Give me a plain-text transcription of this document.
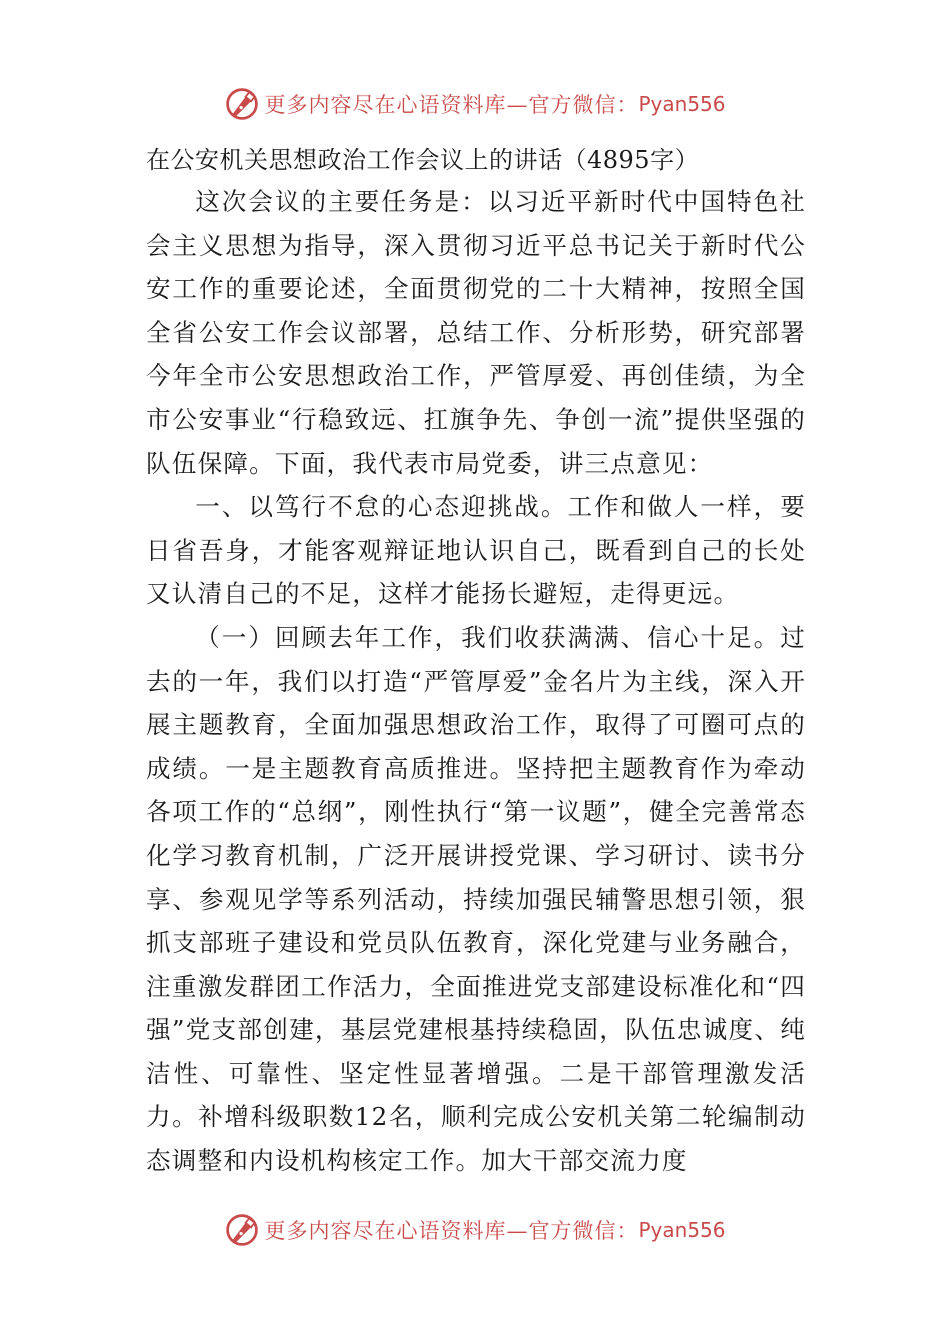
更多内容尽在心语资料库—官方微信： Pyan556
在公安机关思想政治工作会议上的讲话（4895字）

这次会议的主要任务是：以习近平新时代中国特色社会主义思想为指导，深入贯彻习近平总书记关于新时代公安工作的重要论述，全面贯彻党的二十大精神，按照全国全省公安工作会议部署，总结工作、分析形势，研究部署今年全市公安思想政治工作，严管厚爱、再创佳绩，为全市公安事业“行稳致远、扛旗争先、争创一流”提供坚强的队伍保障。下面，我代表市局党委，讲三点意见：

一、以笃行不怠的心态迎挑战。工作和做人一样，要日省吾身，才能客观辩证地认识自己，既看到自己的长处又认清自己的不足，这样才能扬长避短，走得更远。

（一）回顾去年工作，我们收获满满、信心十足。过去的一年，我们以打造“严管厚爱”金名片为主线，深入开展主题教育，全面加强思想政治工作，取得了可圈可点的成绩。一是主题教育高质推进。坚持把主题教育作为牵动各项工作的“总纲”，刚性执行“第一议题”，健全完善常态化学习教育机制，广泛开展讲授党课、学习研讨、读书分享、参观见学等系列活动，持续加强民辅警思想引领，狠抓支部班子建设和党员队伍教育，深化党建与业务融合，注重激发群团工作活力，全面推进党支部建设标准化和“四强”党支部创建，基层党建根基持续稳固，队伍忠诚度、纯洁性、可靠性、坚定性显著增强。二是干部管理激发活力。补增科级职数12名，顺利完成公安机关第二轮编制动态调整和内设机构核定工作。加大干部交流力度

更多内容尽在心语资料库—官方微信： Pyan556
